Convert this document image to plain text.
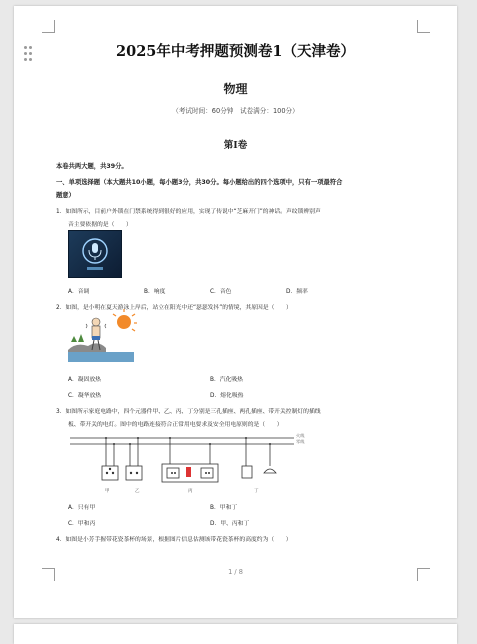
2025年中考押题预测卷1（天津卷）
物理
（考试时间：60分钟　试卷满分：100分）
第Ⅰ卷
本卷共两大题，共39分。
一、单项选择题（本大题共10小题，每小题3分，共30分。每小题给出的四个选项中，只有一项最符合
题意）
1．如图所示，目前户外锁在门禁系统得到很好的应用，实现了传说中“芝麻开门”的神话。声纹锁辨别声
音主要依据的是（　　）
A．音调	B．响度	C．音色	D．频率
2．如图，是小明在夏天游泳上岸后，站立在阳光中还“瑟瑟发抖”的情境，其原因是（　　）
A．凝固放热	B．汽化吸热
C．凝华放热	D．熔化吸热
3．如图所示家庭电路中，四个元器件甲、乙、丙、丁分别是三孔插座、两孔插座、带开关控制灯的插线
板、带开关的电灯。图中的电路连接符合正常用电要求及安全用电原则的是（　　）
火线
零线
甲	乙	丙	丁
A．只有甲	B．甲和丁
C．甲和丙	D．甲、丙和丁
4．如图是小芳手握带花瓷茶杯的场景，根据图片信息估测该带花瓷茶杯的高度约为（　　）
1 / 8
